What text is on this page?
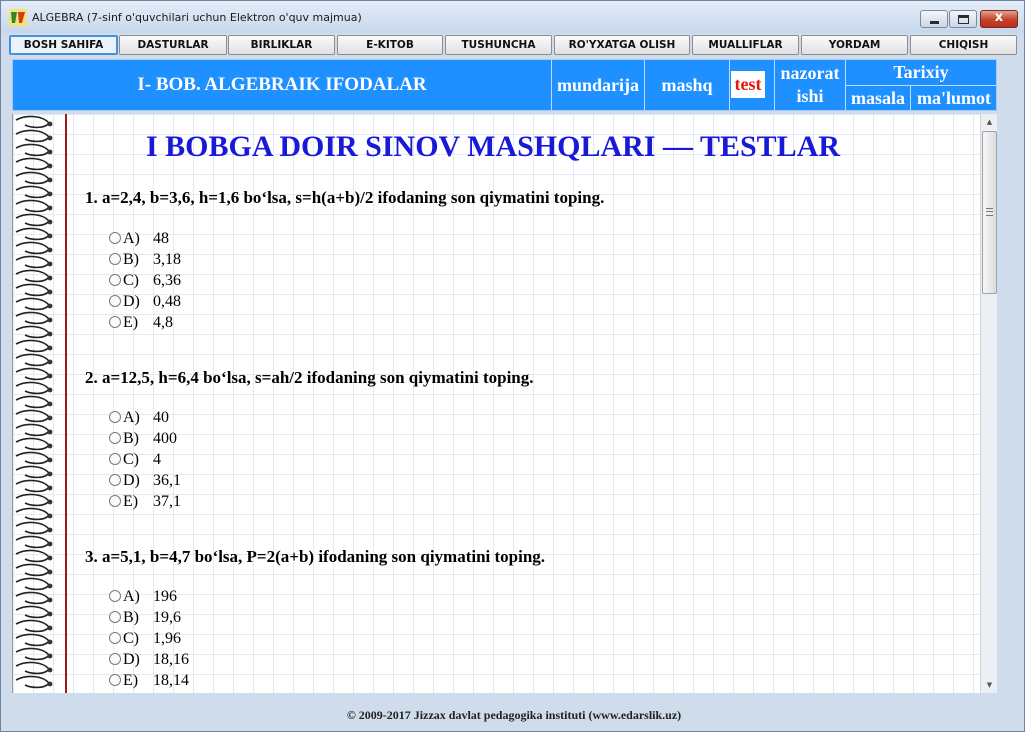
ALGEBRA (7-sinf o'quvchilari uchun Elektron o'quv majmua)	x
BOSH SAHIFA	DASTURLAR	BIRLIKLAR	E-KITOB	TUSHUNCHA	RO'YXATGA OLISH	MUALLIFLAR	YORDAM	CHIQISH
I- BOB. ALGEBRAIK IFODALAR	mundarija	mashq	test
nazorat
ishi
Tarixiy
masala ma'lumot
I BOBGA DOIR SINOV MASHQLARI — TESTLAR
1. a=2,4, b=3,6, h=1,6 bo‘lsa, s=h(a+b)/2 ifodaning son qiymatini toping.
A) 48
B) 3,18
C) 6,36
D) 0,48
E) 4,8
2. a=12,5, h=6,4 bo‘lsa, s=ah/2 ifodaning son qiymatini toping.
A) 40
B) 400
C) 4
D) 36,1
E) 37,1
3. a=5,1, b=4,7 bo‘lsa, P=2(a+b) ifodaning son qiymatini toping.
A) 196
B) 19,6
C) 1,96
D) 18,16
E) 18,14
▲
▼
© 2009-2017 Jizzax davlat pedagogika instituti (www.edarslik.uz)
